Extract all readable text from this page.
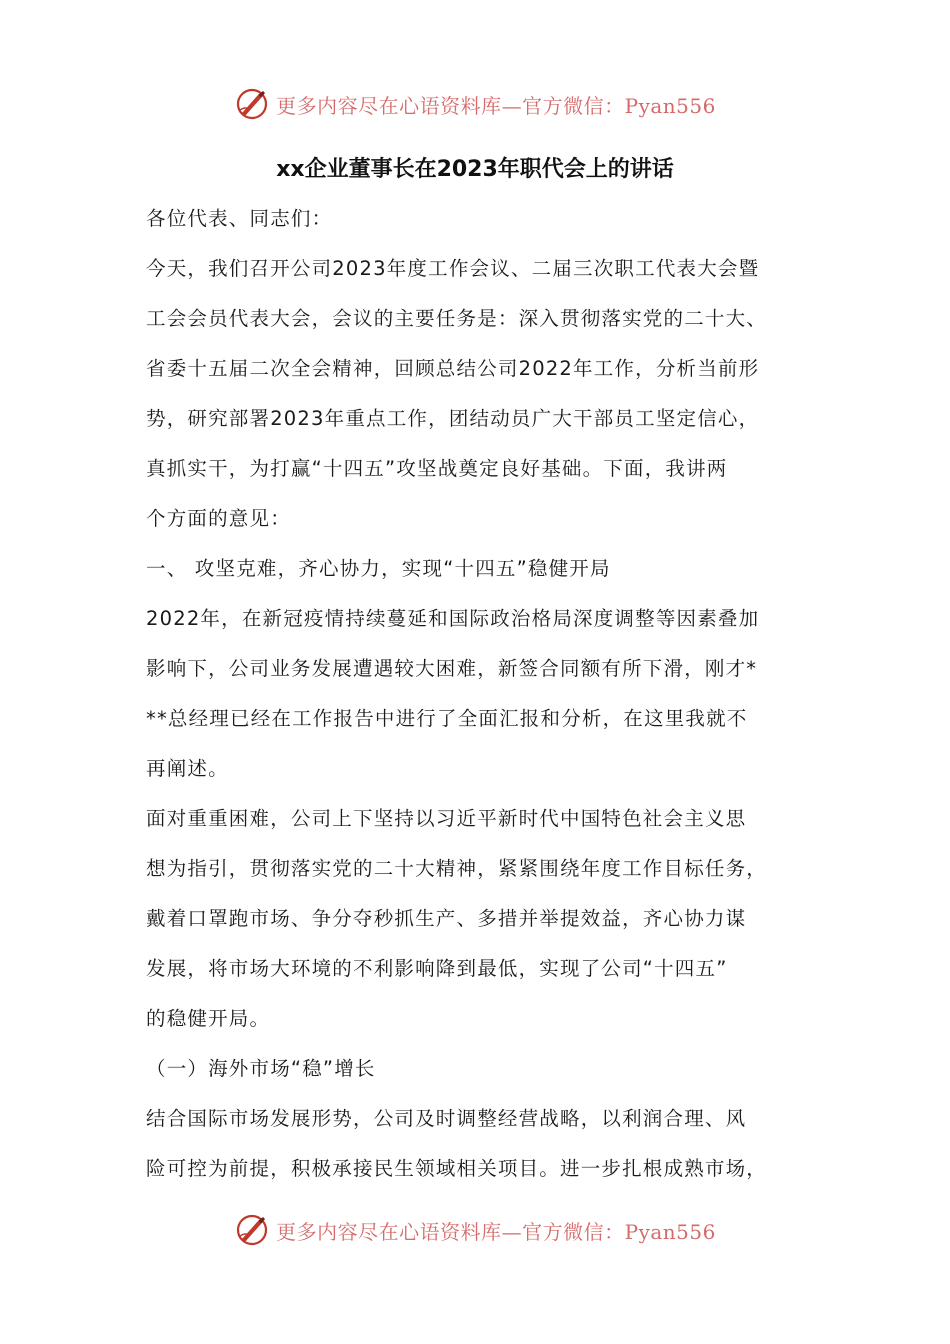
更多内容尽在心语资料库—官方微信：Pyan556
xx企业董事长在2023年职代会上的讲话
各位代表、同志们：
今天，我们召开公司2023年度工作会议、二届三次职工代表大会暨
工会会员代表大会，会议的主要任务是：深入贯彻落实党的二十大、
省委十五届二次全会精神，回顾总结公司2022年工作，分析当前形
势，研究部署2023年重点工作，团结动员广大干部员工坚定信心，
真抓实干，为打赢“十四五”攻坚战奠定良好基础。下面，我讲两
个方面的意见：
一、 攻坚克难，齐心协力，实现“十四五”稳健开局
2022年，在新冠疫情持续蔓延和国际政治格局深度调整等因素叠加
影响下，公司业务发展遭遇较大困难，新签合同额有所下滑，刚才*
**总经理已经在工作报告中进行了全面汇报和分析，在这里我就不
再阐述。
面对重重困难，公司上下坚持以习近平新时代中国特色社会主义思
想为指引，贯彻落实党的二十大精神，紧紧围绕年度工作目标任务，
戴着口罩跑市场、争分夺秒抓生产、多措并举提效益，齐心协力谋
发展，将市场大环境的不利影响降到最低，实现了公司“十四五”
的稳健开局。
（一）海外市场“稳”增长
结合国际市场发展形势，公司及时调整经营战略，以利润合理、风
险可控为前提，积极承接民生领域相关项目。进一步扎根成熟市场，
更多内容尽在心语资料库—官方微信：Pyan556
